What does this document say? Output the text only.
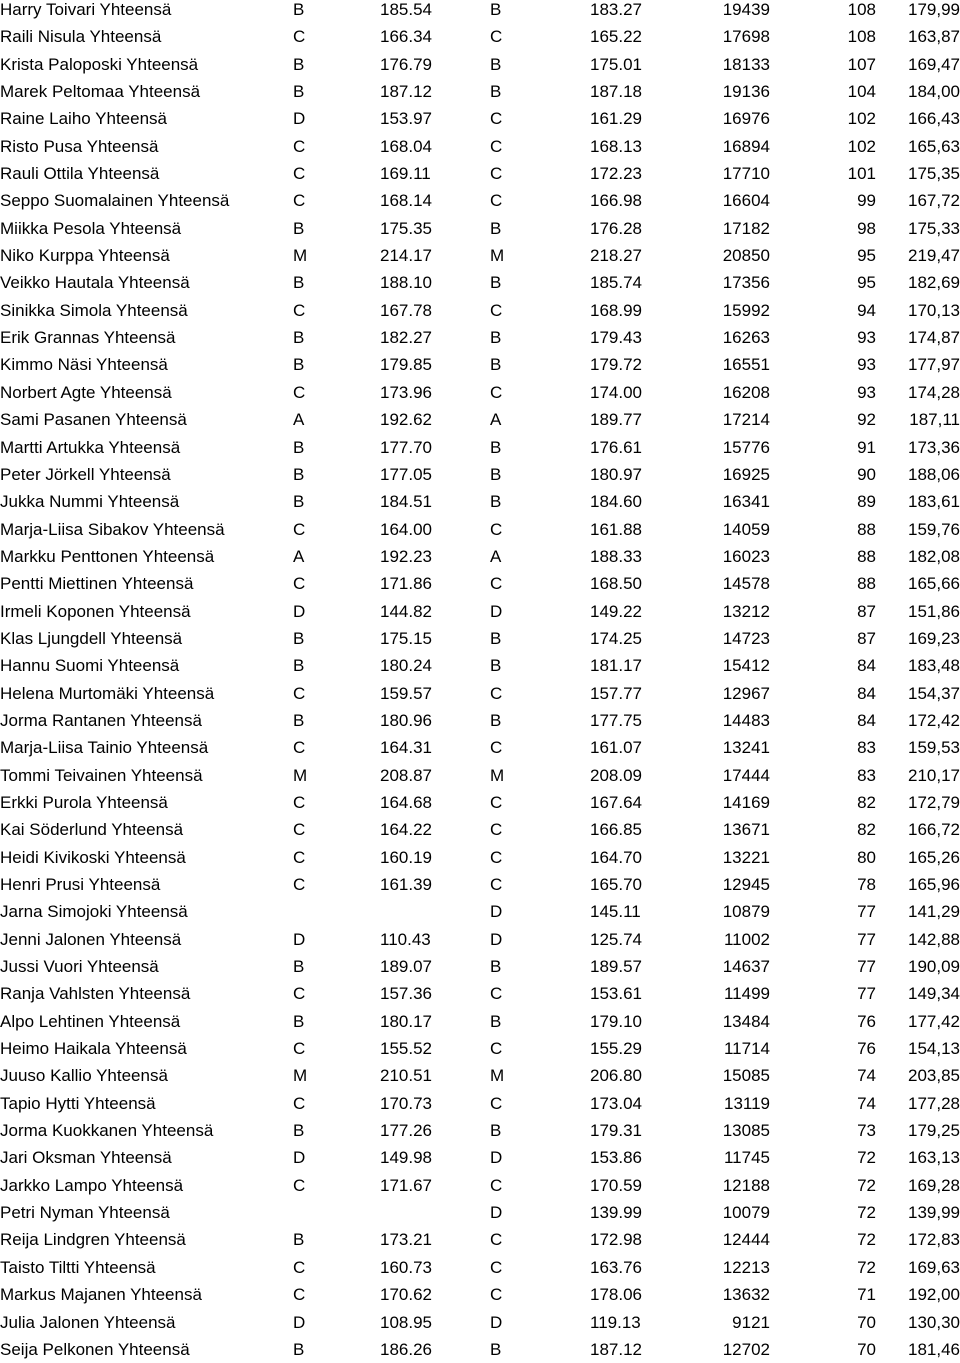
Harry Toivari Yhteensä	B	185.54	B	183.27	19439	108	179,99
Raili Nisula Yhteensä	C	166.34	C	165.22	17698	108	163,87
Krista Paloposki Yhteensä	B	176.79	B	175.01	18133	107	169,47
Marek Peltomaa Yhteensä	B	187.12	B	187.18	19136	104	184,00
Raine Laiho Yhteensä	D	153.97	C	161.29	16976	102	166,43
Risto Pusa Yhteensä	C	168.04	C	168.13	16894	102	165,63
Rauli Ottila Yhteensä	C	169.11	C	172.23	17710	101	175,35
Seppo Suomalainen Yhteensä	C	168.14	C	166.98	16604	99	167,72
Miikka Pesola Yhteensä	B	175.35	B	176.28	17182	98	175,33
Niko Kurppa Yhteensä	M	214.17	M	218.27	20850	95	219,47
Veikko Hautala Yhteensä	B	188.10	B	185.74	17356	95	182,69
Sinikka Simola Yhteensä	C	167.78	C	168.99	15992	94	170,13
Erik Grannas Yhteensä	B	182.27	B	179.43	16263	93	174,87
Kimmo Näsi Yhteensä	B	179.85	B	179.72	16551	93	177,97
Norbert Agte Yhteensä	C	173.96	C	174.00	16208	93	174,28
Sami Pasanen Yhteensä	A	192.62	A	189.77	17214	92	187,11
Martti Artukka Yhteensä	B	177.70	B	176.61	15776	91	173,36
Peter Jörkell Yhteensä	B	177.05	B	180.97	16925	90	188,06
Jukka Nummi Yhteensä	B	184.51	B	184.60	16341	89	183,61
Marja-Liisa Sibakov Yhteensä	C	164.00	C	161.88	14059	88	159,76
Markku Penttonen Yhteensä	A	192.23	A	188.33	16023	88	182,08
Pentti Miettinen Yhteensä	C	171.86	C	168.50	14578	88	165,66
Irmeli Koponen Yhteensä	D	144.82	D	149.22	13212	87	151,86
Klas Ljungdell Yhteensä	B	175.15	B	174.25	14723	87	169,23
Hannu Suomi Yhteensä	B	180.24	B	181.17	15412	84	183,48
Helena Murtomäki Yhteensä	C	159.57	C	157.77	12967	84	154,37
Jorma Rantanen Yhteensä	B	180.96	B	177.75	14483	84	172,42
Marja-Liisa Tainio Yhteensä	C	164.31	C	161.07	13241	83	159,53
Tommi Teivainen Yhteensä	M	208.87	M	208.09	17444	83	210,17
Erkki Purola Yhteensä	C	164.68	C	167.64	14169	82	172,79
Kai Söderlund Yhteensä	C	164.22	C	166.85	13671	82	166,72
Heidi Kivikoski Yhteensä	C	160.19	C	164.70	13221	80	165,26
Henri Prusi Yhteensä	C	161.39	C	165.70	12945	78	165,96
Jarna Simojoki Yhteensä			D	145.11	10879	77	141,29
Jenni Jalonen Yhteensä	D	110.43	D	125.74	11002	77	142,88
Jussi Vuori Yhteensä	B	189.07	B	189.57	14637	77	190,09
Ranja Vahlsten Yhteensä	C	157.36	C	153.61	11499	77	149,34
Alpo Lehtinen Yhteensä	B	180.17	B	179.10	13484	76	177,42
Heimo Haikala Yhteensä	C	155.52	C	155.29	11714	76	154,13
Juuso Kallio Yhteensä	M	210.51	M	206.80	15085	74	203,85
Tapio Hytti Yhteensä	C	170.73	C	173.04	13119	74	177,28
Jorma Kuokkanen Yhteensä	B	177.26	B	179.31	13085	73	179,25
Jari Oksman Yhteensä	D	149.98	D	153.86	11745	72	163,13
Jarkko Lampo Yhteensä	C	171.67	C	170.59	12188	72	169,28
Petri Nyman Yhteensä			D	139.99	10079	72	139,99
Reija Lindgren Yhteensä	B	173.21	C	172.98	12444	72	172,83
Taisto Tiltti Yhteensä	C	160.73	C	163.76	12213	72	169,63
Markus Majanen Yhteensä	C	170.62	C	178.06	13632	71	192,00
Julia Jalonen Yhteensä	D	108.95	D	119.13	9121	70	130,30
Seija Pelkonen Yhteensä	B	186.26	B	187.12	12702	70	181,46
